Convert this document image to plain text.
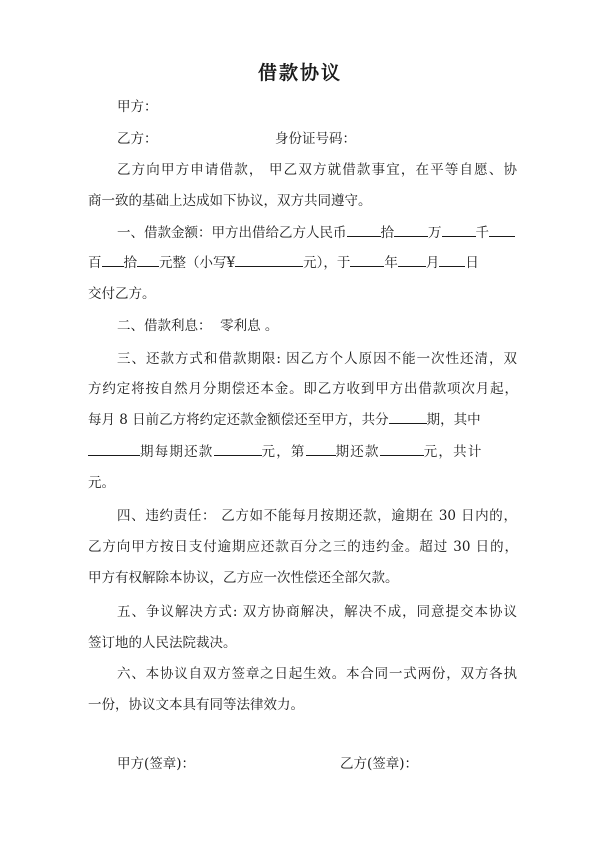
借款协议
甲方：
乙方：	身份证号码：
乙方向甲方申请借款， 甲乙双方就借款事宜，在平等自愿、协
商一致的基础上达成如下协议，双方共同遵守。
一、借款金额：甲方出借给乙方人民币	拾	万	千
百 拾 元整（小写¥	元），于	年 月 日
交付乙方。
二、借款利息： 零利息 。
三、还款方式和借款期限: 因乙方个人原因不能一次性还清，双
方约定将按自然月分期偿还本金。即乙方收到甲方出借款项次月起，
每月 8 日前乙方将约定还款金额偿还至甲方，共分	期，其中
期每期还款	元，第 期还款	元，共计
元。
四、违约责任： 乙方如不能每月按期还款，逾期在 30 日内的，
乙方向甲方按日支付逾期应还款百分之三的违约金。超过 30 日的，
甲方有权解除本协议，乙方应一次性偿还全部欠款。
五、争议解决方式: 双方协商解决，解决不成，同意提交本协议
签订地的人民法院裁决。
六、本协议自双方签章之日起生效。本合同一式两份，双方各执
一份，协议文本具有同等法律效力。
甲方(签章)：	乙方(签章)：
